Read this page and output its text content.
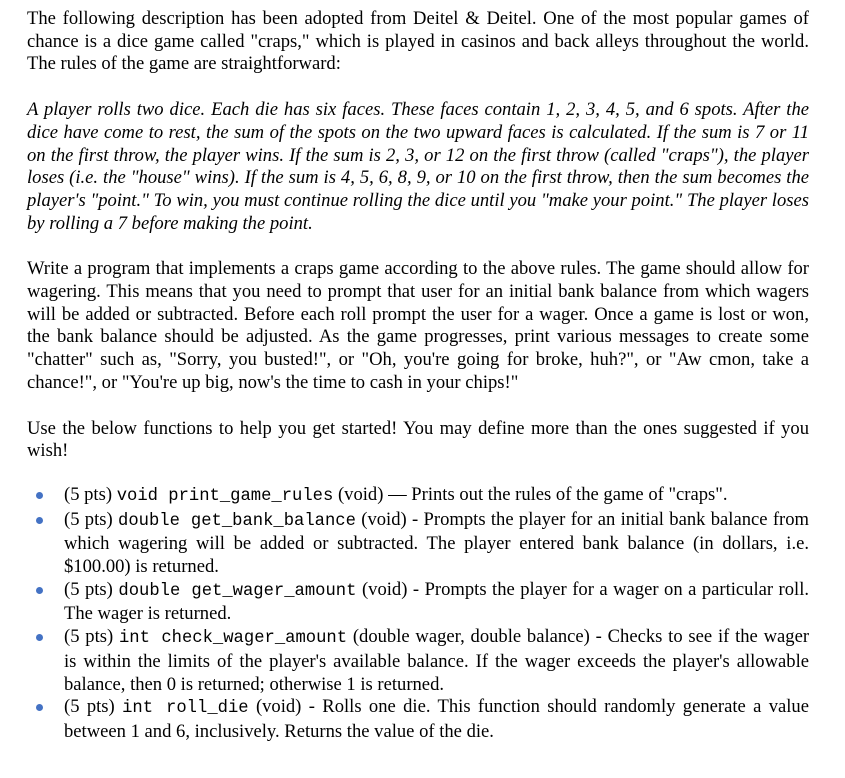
The following description has been adopted from Deitel & Deitel. One of the most popular games of chance is a dice game called "craps," which is played in casinos and back alleys throughout the world. The rules of the game are straightforward:

A player rolls two dice. Each die has six faces. These faces contain 1, 2, 3, 4, 5, and 6 spots. After the dice have come to rest, the sum of the spots on the two upward faces is calculated. If the sum is 7 or 11 on the first throw, the player wins. If the sum is 2, 3, or 12 on the first throw (called "craps"), the player loses (i.e. the "house" wins). If the sum is 4, 5, 6, 8, 9, or 10 on the first throw, then the sum becomes the player's "point." To win, you must continue rolling the dice until you "make your point." The player loses by rolling a 7 before making the point.

Write a program that implements a craps game according to the above rules. The game should allow for wagering. This means that you need to prompt that user for an initial bank balance from which wagers will be added or subtracted. Before each roll prompt the user for a wager. Once a game is lost or won, the bank balance should be adjusted. As the game progresses, print various messages to create some "chatter" such as, "Sorry, you busted!", or "Oh, you're going for broke, huh?", or "Aw cmon, take a chance!", or "You're up big, now's the time to cash in your chips!"

Use the below functions to help you get started! You may define more than the ones suggested if you wish!

(5 pts) void print_game_rules (void) — Prints out the rules of the game of "craps".
(5 pts) double get_bank_balance (void) - Prompts the player for an initial bank balance from which wagering will be added or subtracted. The player entered bank balance (in dollars, i.e. $100.00) is returned.
(5 pts) double get_wager_amount (void) - Prompts the player for a wager on a particular roll. The wager is returned.
(5 pts) int check_wager_amount (double wager, double balance) - Checks to see if the wager is within the limits of the player's available balance. If the wager exceeds the player's allowable balance, then 0 is returned; otherwise 1 is returned.
(5 pts) int roll_die (void) - Rolls one die. This function should randomly generate a value between 1 and 6, inclusively. Returns the value of the die.
